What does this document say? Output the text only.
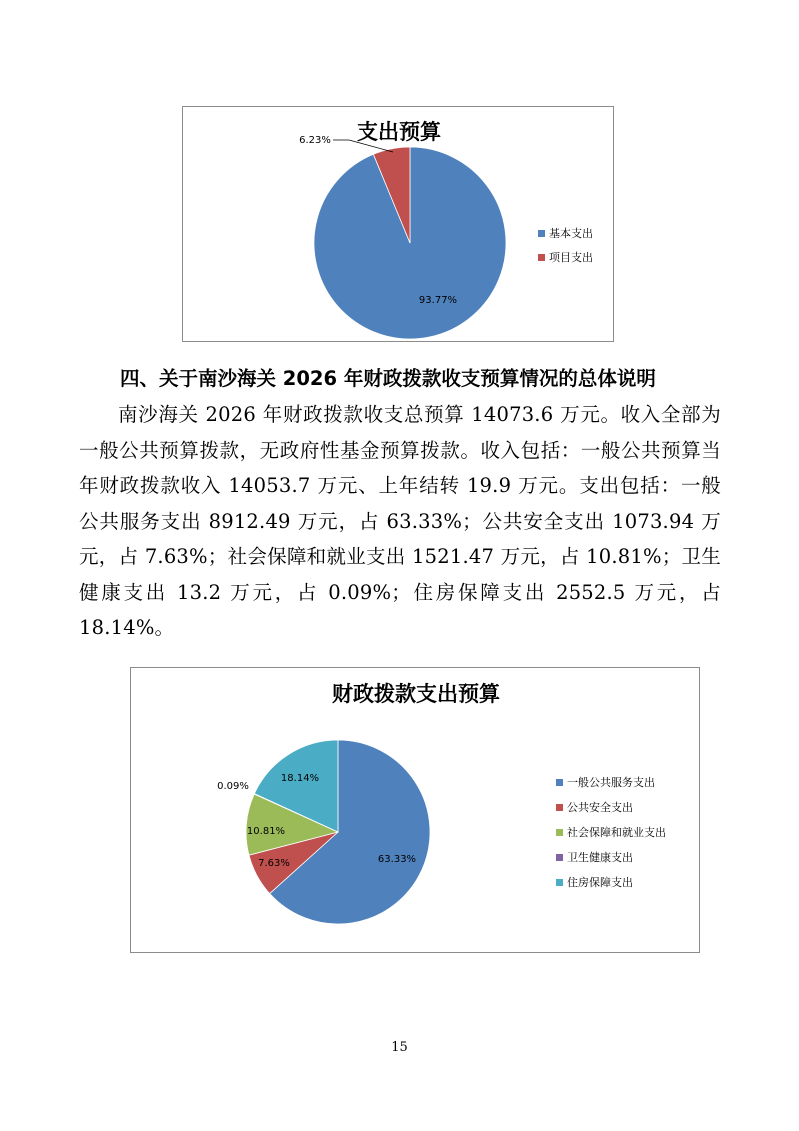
支出预算
93.77%
6.23%
基本支出
项目支出
四、关于南沙海关 2026 年财政拨款收支预算情况的总体说明
南沙海关 2026 年财政拨款收支总预算 14073.6 万元。收入全部为一般公共预算拨款，无政府性基金预算拨款。收入包括：一般公共预算当年财政拨款收入 14053.7 万元、上年结转 19.9 万元。支出包括：一般公共服务支出 8912.49 万元，占 63.33%；公共安全支出 1073.94 万元，占 7.63%；社会保障和就业支出 1521.47 万元，占 10.81%；卫生健康支出 13.2 万元，占 0.09%；住房保障支出 2552.5 万元，占 18.14%。
财政拨款支出预算
63.33%
7.63%
10.81%
0.09%
18.14%	一般公共服务支出
公共安全支出
社会保障和就业支出
卫生健康支出
住房保障支出
15
